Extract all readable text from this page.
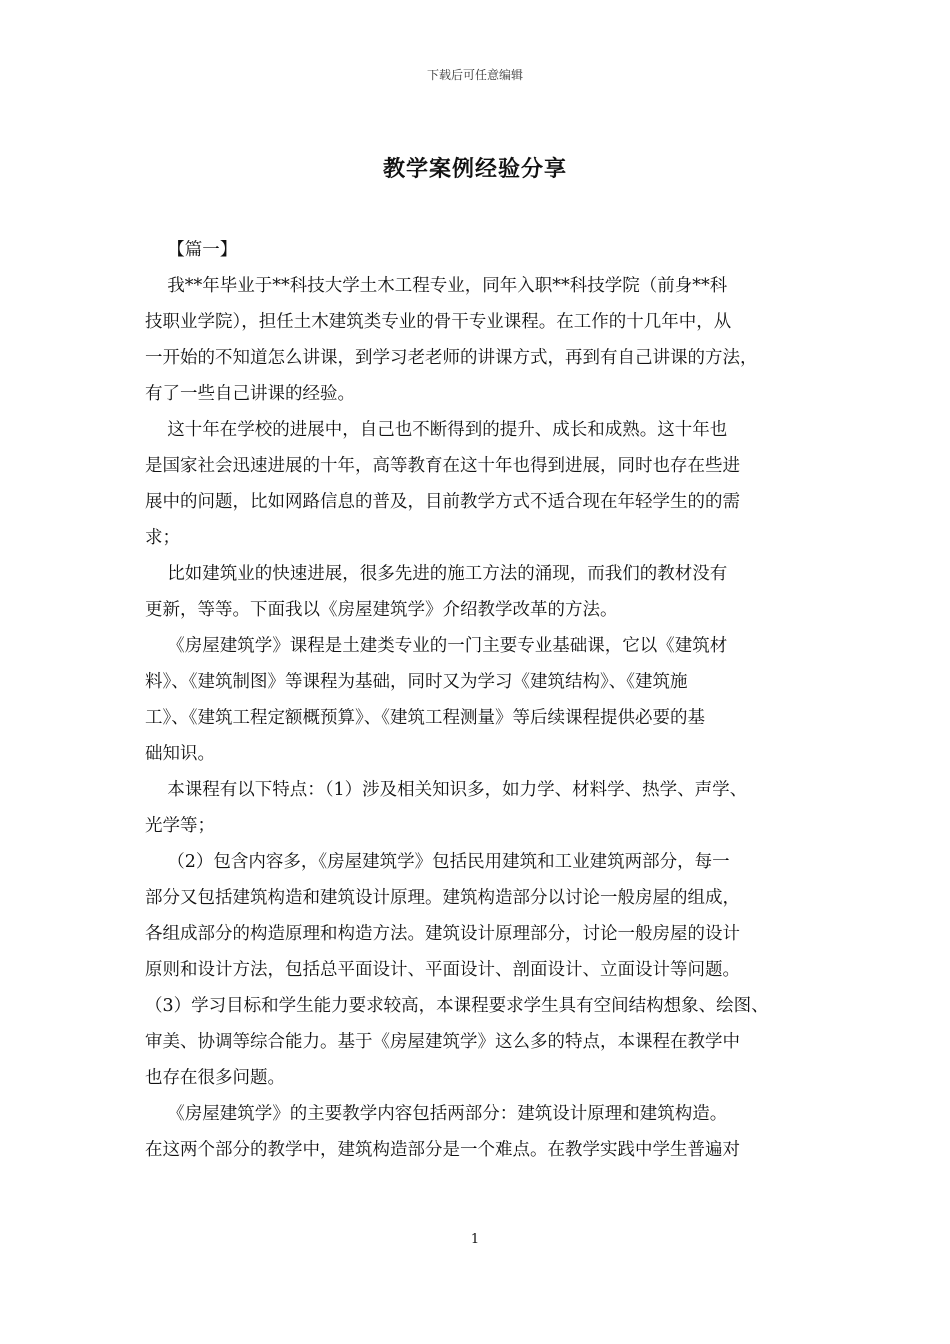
下载后可任意编辑
教学案例经验分享
【篇一】
我**年毕业于**科技大学土木工程专业，同年入职**科技学院（前身**科
技职业学院），担任土木建筑类专业的骨干专业课程。在工作的十几年中，从
一开始的不知道怎么讲课，到学习老老师的讲课方式，再到有自己讲课的方法，
有了一些自己讲课的经验。
这十年在学校的进展中，自己也不断得到的提升、成长和成熟。这十年也
是国家社会迅速进展的十年，高等教育在这十年也得到进展，同时也存在些进
展中的问题，比如网路信息的普及，目前教学方式不适合现在年轻学生的的需
求；
比如建筑业的快速进展，很多先进的施工方法的涌现，而我们的教材没有
更新，等等。下面我以《房屋建筑学》介绍教学改革的方法。
《房屋建筑学》课程是土建类专业的一门主要专业基础课，它以《建筑材
料》、《建筑制图》等课程为基础，同时又为学习《建筑结构》、《建筑施
工》、《建筑工程定额概预算》、《建筑工程测量》等后续课程提供必要的基
础知识。
本课程有以下特点：（1）涉及相关知识多，如力学、材料学、热学、声学、
光学等；
（2）包含内容多，《房屋建筑学》包括民用建筑和工业建筑两部分，每一
部分又包括建筑构造和建筑设计原理。建筑构造部分以讨论一般房屋的组成，
各组成部分的构造原理和构造方法。建筑设计原理部分，讨论一般房屋的设计
原则和设计方法，包括总平面设计、平面设计、剖面设计、立面设计等问题。
（3）学习目标和学生能力要求较高，本课程要求学生具有空间结构想象、绘图、
审美、协调等综合能力。基于《房屋建筑学》这么多的特点，本课程在教学中
也存在很多问题。
《房屋建筑学》的主要教学内容包括两部分：建筑设计原理和建筑构造。
在这两个部分的教学中，建筑构造部分是一个难点。在教学实践中学生普遍对
1
